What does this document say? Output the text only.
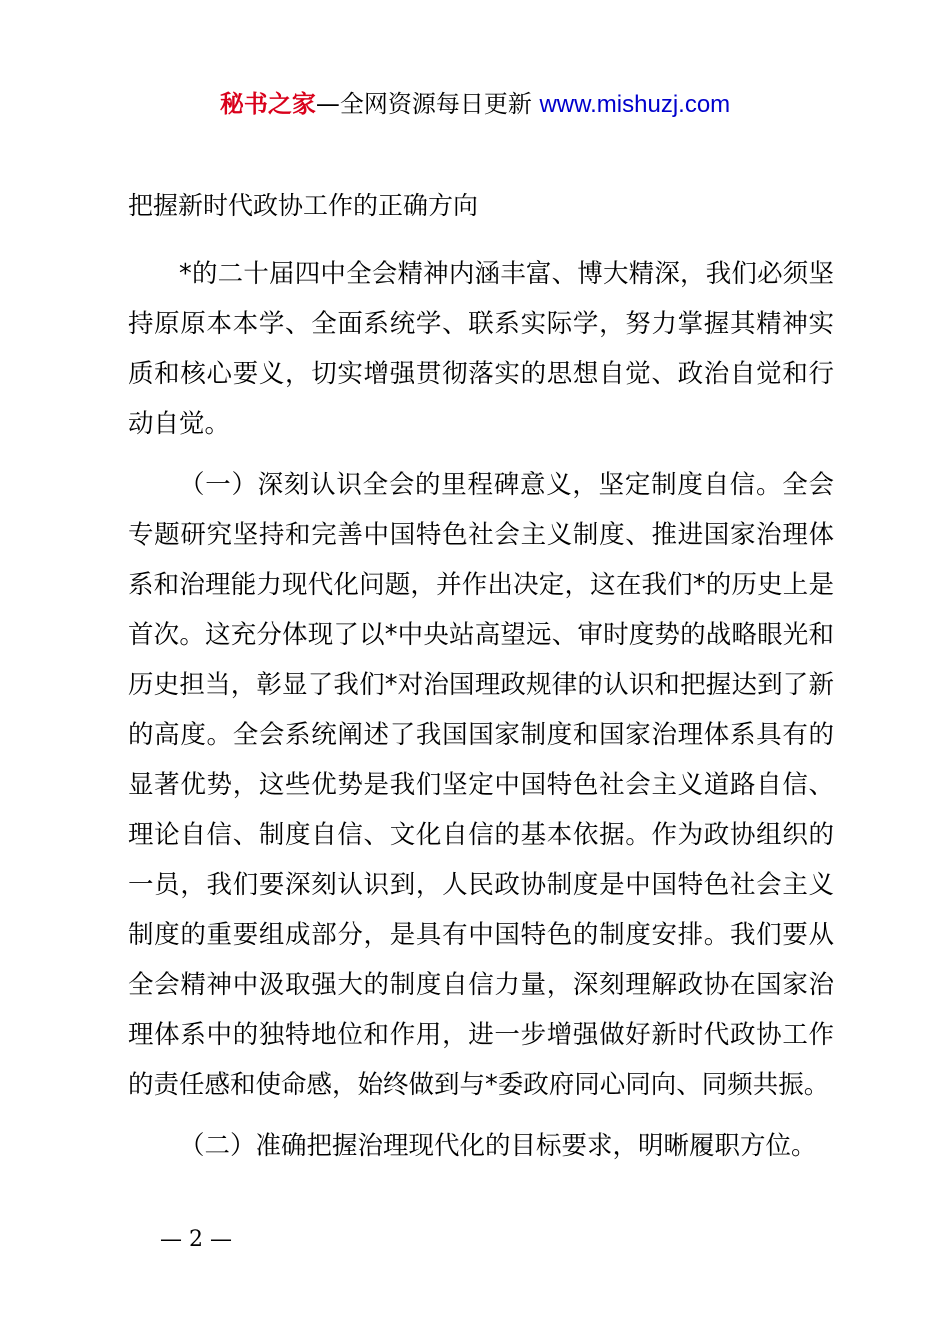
秘书之家—全网资源每日更新 www.mishuzj.com
把握新时代政协工作的正确方向

*的二十届四中全会精神内涵丰富、博大精深，我们必须坚持原原本本学、全面系统学、联系实际学，努力掌握其精神实质和核心要义，切实增强贯彻落实的思想自觉、政治自觉和行动自觉。

（一）深刻认识全会的里程碑意义，坚定制度自信。全会专题研究坚持和完善中国特色社会主义制度、推进国家治理体系和治理能力现代化问题，并作出决定，这在我们*的历史上是首次。这充分体现了以*中央站高望远、审时度势的战略眼光和历史担当，彰显了我们*对治国理政规律的认识和把握达到了新的高度。全会系统阐述了我国国家制度和国家治理体系具有的显著优势，这些优势是我们坚定中国特色社会主义道路自信、理论自信、制度自信、文化自信的基本依据。作为政协组织的一员，我们要深刻认识到，人民政协制度是中国特色社会主义制度的重要组成部分，是具有中国特色的制度安排。我们要从全会精神中汲取强大的制度自信力量，深刻理解政协在国家治理体系中的独特地位和作用，进一步增强做好新时代政协工作的责任感和使命感，始终做到与*委政府同心同向、同频共振。

（二）准确把握治理现代化的目标要求，明晰履职方位。

— 2 —
